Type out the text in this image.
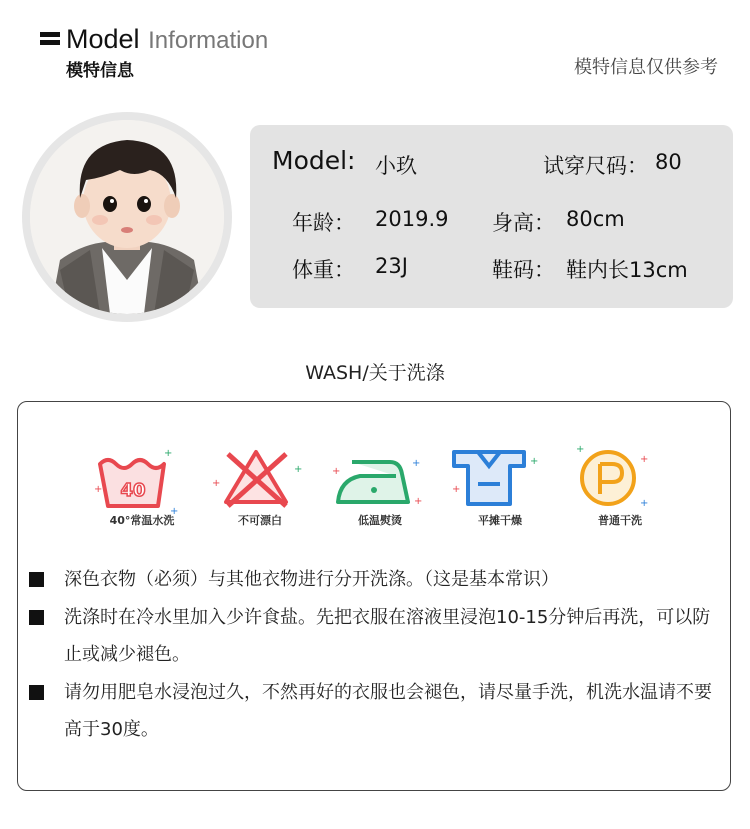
Model Information
模特信息	模特信息仅供参考
Model: 小玖	试穿尺码： 80
年龄： 2019.9 身高： 80cm
体重： 23J	鞋码： 鞋内长13cm
WASH/关于洗涤
40
+
+
+
40°常温水洗
+
+
不可漂白
+
+
+
低温熨烫
+
+
平摊干燥
+
+
+
普通干洗
深色衣物（必须）与其他衣物进行分开洗涤。（这是基本常识）
洗涤时在冷水里加入少许食盐。先把衣服在溶液里浸泡10-15分钟后再洗，可以防止或减少褪色。
请勿用肥皂水浸泡过久，不然再好的衣服也会褪色，请尽量手洗，机洗水温请不要高于30度。
